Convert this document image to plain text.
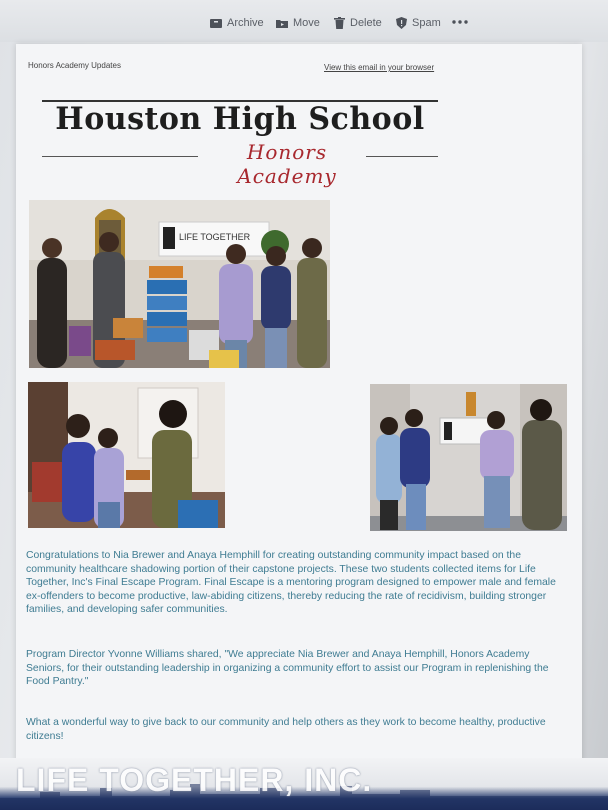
Archive	Move	Delete	Spam
Honors Academy Updates	View this email in your browser
Houston High School
Honors Academy
LIFE TOGETHER
Congratulations to Nia Brewer and Anaya Hemphill for creating outstanding community impact based on the community healthcare shadowing portion of their capstone projects. These two students collected items for Life Together, Inc's Final Escape Program. Final Escape is a mentoring program designed to empower male and female ex-offenders to become productive, law-abiding citizens, thereby reducing the rate of recidivism, building stronger families, and developing safer communities.
Program Director Yvonne Williams shared, "We appreciate Nia Brewer and Anaya Hemphill, Honors Academy Seniors, for their outstanding leadership in organizing a community effort to assist our Program in replenishing the Food Pantry."
What a wonderful way to give back to our community and help others as they work to become healthy, productive citizens!
LIFE TOGETHER, INC.
